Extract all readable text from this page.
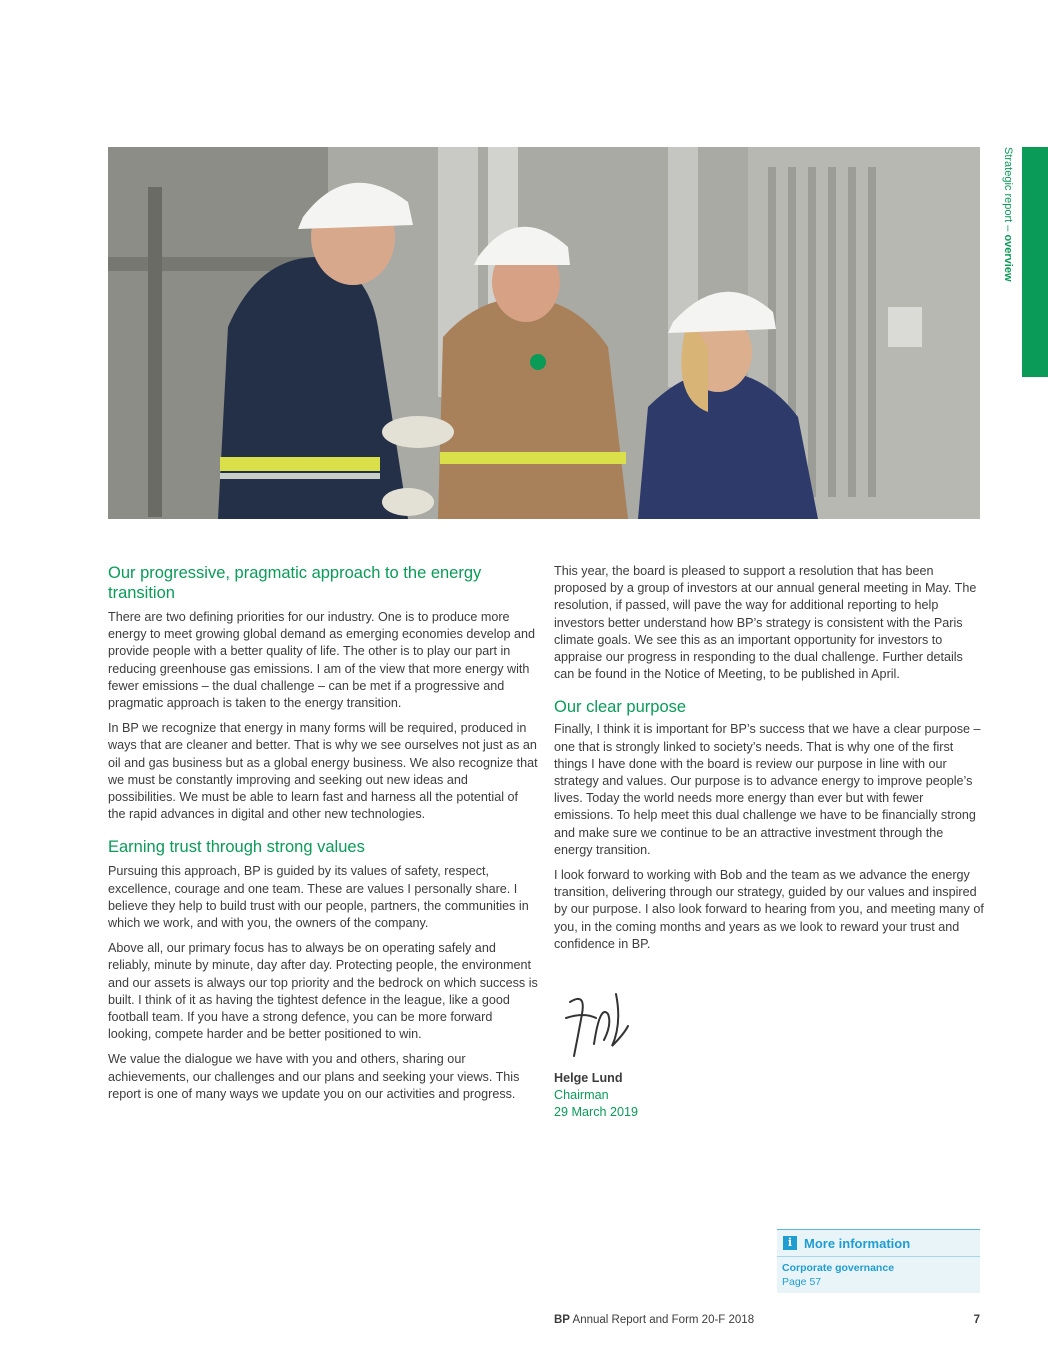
Strategic report – overview
Our progressive, pragmatic approach to the energy transition

There are two defining priorities for our industry. One is to produce more energy to meet growing global demand as emerging economies develop and provide people with a better quality of life. The other is to play our part in reducing greenhouse gas emissions. I am of the view that more energy with fewer emissions – the dual challenge – can be met if a progressive and pragmatic approach is taken to the energy transition.

In BP we recognize that energy in many forms will be required, produced in ways that are cleaner and better. That is why we see ourselves not just as an oil and gas business but as a global energy business. We also recognize that we must be constantly improving and seeking out new ideas and possibilities. We must be able to learn fast and harness all the potential of the rapid advances in digital and other new technologies.

Earning trust through strong values

Pursuing this approach, BP is guided by its values of safety, respect, excellence, courage and one team. These are values I personally share. I believe they help to build trust with our people, partners, the communities in which we work, and with you, the owners of the company.

Above all, our primary focus has to always be on operating safely and reliably, minute by minute, day after day. Protecting people, the environment and our assets is always our top priority and the bedrock on which success is built. I think of it as having the tightest defence in the league, like a good football team. If you have a strong defence, you can be more forward looking, compete harder and be better positioned to win.

We value the dialogue we have with you and others, sharing our achievements, our challenges and our plans and seeking your views. This report is one of many ways we update you on our activities and progress.

This year, the board is pleased to support a resolution that has been proposed by a group of investors at our annual general meeting in May. The resolution, if passed, will pave the way for additional reporting to help investors better understand how BP’s strategy is consistent with the Paris climate goals. We see this as an important opportunity for investors to appraise our progress in responding to the dual challenge. Further details can be found in the Notice of Meeting, to be published in April.

Our clear purpose

Finally, I think it is important for BP’s success that we have a clear purpose – one that is strongly linked to society’s needs. That is why one of the first things I have done with the board is review our purpose in line with our strategy and values. Our purpose is to advance energy to improve people’s lives. Today the world needs more energy than ever but with fewer emissions. To help meet this dual challenge we have to be financially strong and make sure we continue to be an attractive investment through the energy transition.

I look forward to working with Bob and the team as we advance the energy transition, delivering through our strategy, guided by our values and inspired by our purpose. I also look forward to hearing from you, and meeting many of you, in the coming months and years as we look to reward your trust and confidence in BP.

Helge Lund
Chairman
29 March 2019
i More information
Corporate governance
Page 57
BP Annual Report and Form 20-F 2018	7
